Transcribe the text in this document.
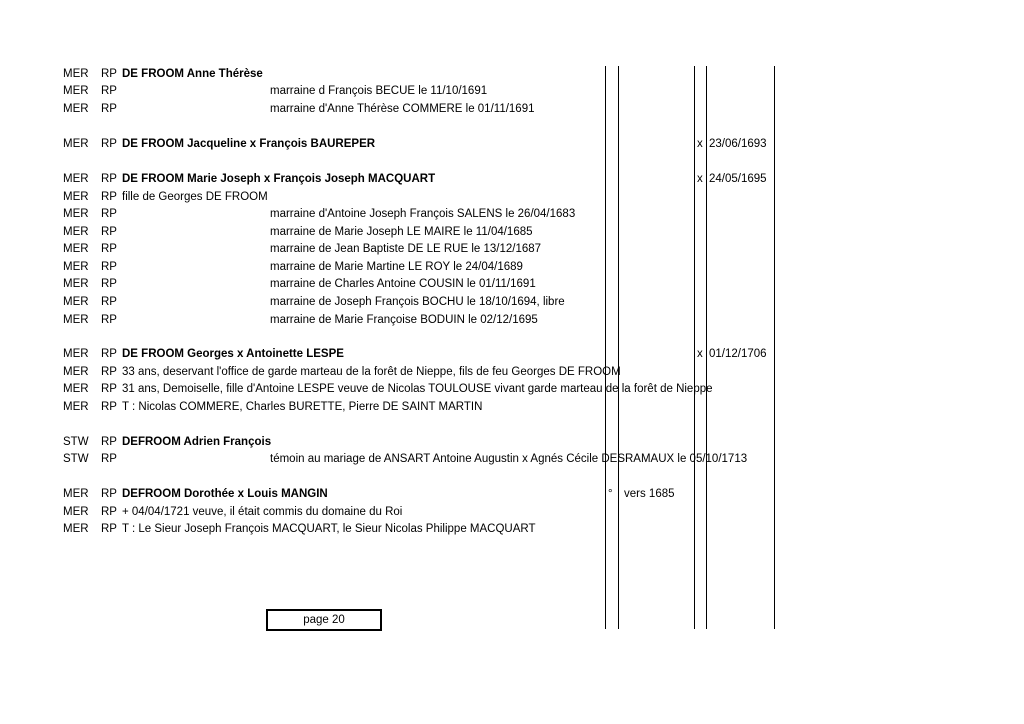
MER RP DE FROOM Anne Thérèse
MER RP	marraine d François BECUE le 11/10/1691
MER RP	marraine d'Anne Thérèse COMMERE le 01/11/1691
MER RP DE FROOM Jacqueline x François BAUREPER	x 23/06/1693
MER RP DE FROOM Marie Joseph x François Joseph MACQUART	x 24/05/1695
MER RP fille de Georges DE FROOM
MER RP	marraine d'Antoine Joseph François SALENS le 26/04/1683
MER RP	marraine de Marie Joseph LE MAIRE le 11/04/1685
MER RP	marraine de Jean Baptiste DE LE RUE le 13/12/1687
MER RP	marraine de Marie Martine LE ROY le 24/04/1689
MER RP	marraine de Charles Antoine COUSIN le 01/11/1691
MER RP	marraine de Joseph François BOCHU le 18/10/1694, libre
MER RP	marraine de Marie Françoise BODUIN le 02/12/1695
MER RP DE FROOM Georges x Antoinette LESPE	x 01/12/1706
MER RP 33 ans, deservant l'office de garde marteau de la forêt de Nieppe, fils de feu Georges DE FROOM
MER RP 31 ans, Demoiselle, fille d'Antoine LESPE veuve de Nicolas TOULOUSE vivant garde marteau de la forêt de Nieppe
MER RP T : Nicolas COMMERE, Charles BURETTE, Pierre DE SAINT MARTIN
STW RP DEFROOM Adrien François
STW RP	témoin au mariage de ANSART Antoine Augustin x Agnés Cécile DESRAMAUX le 05/10/1713
MER RP DEFROOM Dorothée x Louis MANGIN	° vers 1685
MER RP + 04/04/1721 veuve, il était commis du domaine du Roi
MER RP T : Le Sieur Joseph François MACQUART, le Sieur Nicolas Philippe MACQUART
page 20
